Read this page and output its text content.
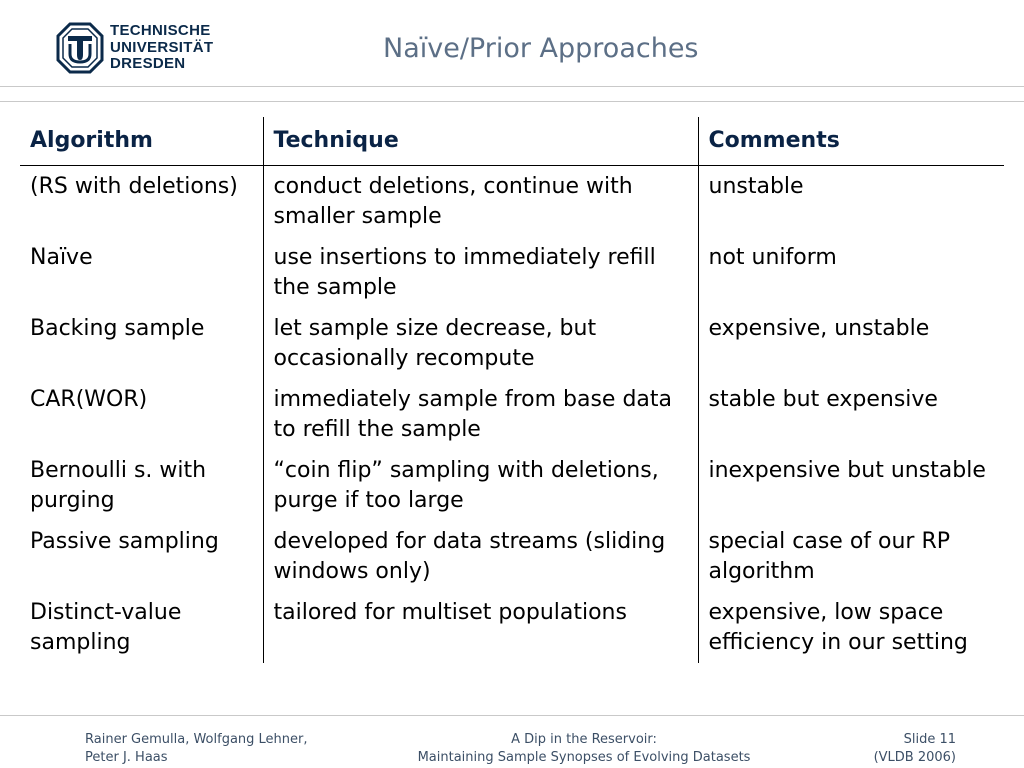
TECHNISCHE
UNIVERSITÄT
DRESDEN	Naïve/Prior Approaches
Algorithm	Technique	Comments
(RS with deletions)	conduct deletions, continue with smaller sample	unstable
Naïve	use insertions to immediately refill the sample	not uniform
Backing sample	let sample size decrease, but occasionally recompute	expensive, unstable
CAR(WOR)	immediately sample from base data to refill the sample	stable but expensive
Bernoulli s. with purging	“coin flip” sampling with deletions, purge if too large	inexpensive but unstable
Passive sampling	developed for data streams (sliding windows only)	special case of our RP algorithm
Distinct-value sampling	tailored for multiset populations	expensive, low space efficiency in our setting
Rainer Gemulla, Wolfgang Lehner,
Peter J. Haas
A Dip in the Reservoir:
Maintaining Sample Synopses of Evolving Datasets
Slide 11
(VLDB 2006)
